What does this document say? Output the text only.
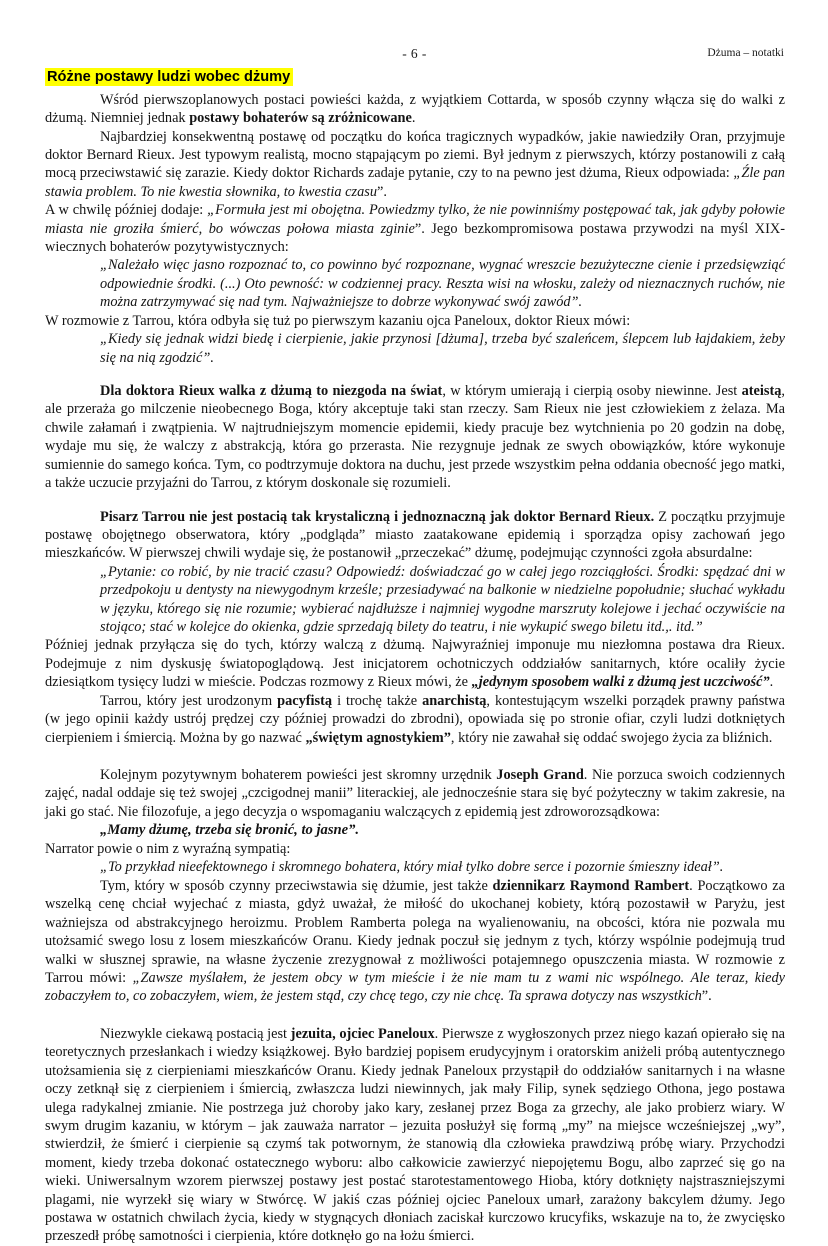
- 6 -	Dżuma – notatki
Różne postawy ludzi wobec dżumy

Wśród pierwszoplanowych postaci powieści każda, z wyjątkiem Cottarda, w sposób czynny włącza się do walki z dżumą. Niemniej jednak postawy bohaterów są zróżnicowane.

Najbardziej konsekwentną postawę od początku do końca tragicznych wypadków, jakie nawiedziły Oran, przyjmuje doktor Bernard Rieux. Jest typowym realistą, mocno stąpającym po ziemi. Był jednym z pierwszych, którzy postanowili z całą mocą przeciwstawić się zarazie. Kiedy doktor Richards zadaje pytanie, czy to na pewno jest dżuma, Rieux odpowiada: „Źle pan stawia problem. To nie kwestia słownika, to kwestia czasu”.

A w chwilę później dodaje: „Formuła jest mi obojętna. Powiedzmy tylko, że nie powinniśmy postępować tak, jak gdyby połowie miasta nie groziła śmierć, bo wówczas połowa miasta zginie”. Jego bezkompromisowa postawa przywodzi na myśl XIX-wiecznych bohaterów pozytywistycznych:

„Należało więc jasno rozpoznać to, co powinno być rozpoznane, wygnać wreszcie bezużyteczne cienie i przedsięwziąć odpowiednie środki. (...) Oto pewność: w codziennej pracy. Reszta wisi na włosku, zależy od nieznacznych ruchów, nie można zatrzymywać się nad tym. Najważniejsze to dobrze wykonywać swój zawód”.

W rozmowie z Tarrou, która odbyła się tuż po pierwszym kazaniu ojca Paneloux, doktor Rieux mówi:

„Kiedy się jednak widzi biedę i cierpienie, jakie przynosi [dżuma], trzeba być szaleńcem, ślepcem lub łajdakiem, żeby się na nią zgodzić”.

Dla doktora Rieux walka z dżumą to niezgoda na świat, w którym umierają i cierpią osoby niewinne. Jest ateistą, ale przeraża go milczenie nieobecnego Boga, który akceptuje taki stan rzeczy. Sam Rieux nie jest człowiekiem z żelaza. Ma chwile załamań i zwątpienia. W najtrudniejszym momencie epidemii, kiedy pracuje bez wytchnienia po 20 godzin na dobę, wydaje mu się, że walczy z abstrakcją, która go przerasta. Nie rezygnuje jednak ze swych obowiązków, które wykonuje sumiennie do samego końca. Tym, co podtrzymuje doktora na duchu, jest przede wszystkim pełna oddania obecność jego matki, a także uczucie przyjaźni do Tarrou, z którym doskonale się rozumieli.

Pisarz Tarrou nie jest postacią tak krystaliczną i jednoznaczną jak doktor Bernard Rieux. Z początku przyjmuje postawę obojętnego obserwatora, który „podgląda” miasto zaatakowane epidemią i sporządza opisy zachowań jego mieszkańców. W pierwszej chwili wydaje się, że postanowił „przeczekać” dżumę, podejmując czynności zgoła absurdalne:

„Pytanie: co robić, by nie tracić czasu? Odpowiedź: doświadczać go w całej jego rozciągłości. Środki: spędzać dni w przedpokoju u dentysty na niewygodnym krześle; przesiadywać na balkonie w niedzielne popołudnie; słuchać wykładu w języku, którego się nie rozumie; wybierać najdłuższe i najmniej wygodne marszruty kolejowe i jechać oczywiście na stojąco; stać w kolejce do okienka, gdzie sprzedają bilety do teatru, i nie wykupić swego biletu itd.,. itd.”

Później jednak przyłącza się do tych, którzy walczą z dżumą. Najwyraźniej imponuje mu niezłomna postawa dra Rieux. Podejmuje z nim dyskusję światopoglądową. Jest inicjatorem ochotniczych oddziałów sanitarnych, które ocaliły życie dziesiątkom tysięcy ludzi w mieście. Podczas rozmowy z Rieux mówi, że „jedynym sposobem walki z dżumą jest uczciwość”.

Tarrou, który jest urodzonym pacyfistą i trochę także anarchistą, kontestującym wszelki porządek prawny państwa (w jego opinii każdy ustrój prędzej czy później prowadzi do zbrodni), opowiada się po stronie ofiar, czyli ludzi dotkniętych cierpieniem i śmiercią. Można by go nazwać „świętym agnostykiem”, który nie zawahał się oddać swojego życia za bliźnich.

Kolejnym pozytywnym bohaterem powieści jest skromny urzędnik Joseph Grand. Nie porzuca swoich codziennych zajęć, nadal oddaje się też swojej „czcigodnej manii” literackiej, ale jednocześnie stara się być pożyteczny w takim zakresie, na jaki go stać. Nie filozofuje, a jego decyzja o wspomaganiu walczących z epidemią jest zdroworozsądkowa:

„Mamy dżumę, trzeba się bronić, to jasne”.

Narrator powie o nim z wyraźną sympatią:

„To przykład nieefektownego i skromnego bohatera, który miał tylko dobre serce i pozornie śmieszny ideał”.

Tym, który w sposób czynny przeciwstawia się dżumie, jest także dziennikarz Raymond Rambert. Początkowo za wszelką cenę chciał wyjechać z miasta, gdyż uważał, że miłość do ukochanej kobiety, którą pozostawił w Paryżu, jest ważniejsza od abstrakcyjnego heroizmu. Problem Ramberta polega na wyalienowaniu, na obcości, która nie pozwala mu utożsamić swego losu z losem mieszkańców Oranu. Kiedy jednak poczuł się jednym z tych, którzy wspólnie podejmują trud walki w słusznej sprawie, na własne życzenie zrezygnował z możliwości potajemnego opuszczenia miasta. W rozmowie z Tarrou mówi: „Zawsze myślałem, że jestem obcy w tym mieście i że nie mam tu z wami nic wspólnego. Ale teraz, kiedy zobaczyłem to, co zobaczyłem, wiem, że jestem stąd, czy chcę tego, czy nie chcę. Ta sprawa dotyczy nas wszystkich”.

Niezwykle ciekawą postacią jest jezuita, ojciec Paneloux. Pierwsze z wygłoszonych przez niego kazań opierało się na teoretycznych przesłankach i wiedzy książkowej. Było bardziej popisem erudycyjnym i oratorskim aniżeli próbą autentycznego utożsamienia się z cierpieniami mieszkańców Oranu. Kiedy jednak Paneloux przystąpił do oddziałów sanitarnych i na własne oczy zetknął się z cierpieniem i śmiercią, zwłaszcza ludzi niewinnych, jak mały Filip, synek sędziego Othona, jego postawa ulega radykalnej zmianie. Nie postrzega już choroby jako kary, zesłanej przez Boga za grzechy, ale jako probierz wiary. W swym drugim kazaniu, w którym – jak zauważa narrator – jezuita posłużył się formą „my” na miejsce wcześniejszej „wy”, stwierdził, że śmierć i cierpienie są czymś tak potwornym, że stanowią dla człowieka prawdziwą próbę wiary. Przychodzi moment, kiedy trzeba dokonać ostatecznego wyboru: albo całkowicie zawierzyć niepojętemu Bogu, albo zaprzeć się go na wieki. Uniwersalnym wzorem pierwszej postawy jest postać starotestamentowego Hioba, który dotknięty najstraszniejszymi plagami, nie wyrzekł się wiary w Stwórcę. W jakiś czas później ojciec Paneloux umarł, zarażony bakcylem dżumy. Jego postawa w ostatnich chwilach życia, kiedy w stygnących dłoniach zaciskał kurczowo krucyfiks, wskazuje na to, że zwycięsko przeszedł próbę samotności i cierpienia, które dotknęło go na łożu śmierci.
